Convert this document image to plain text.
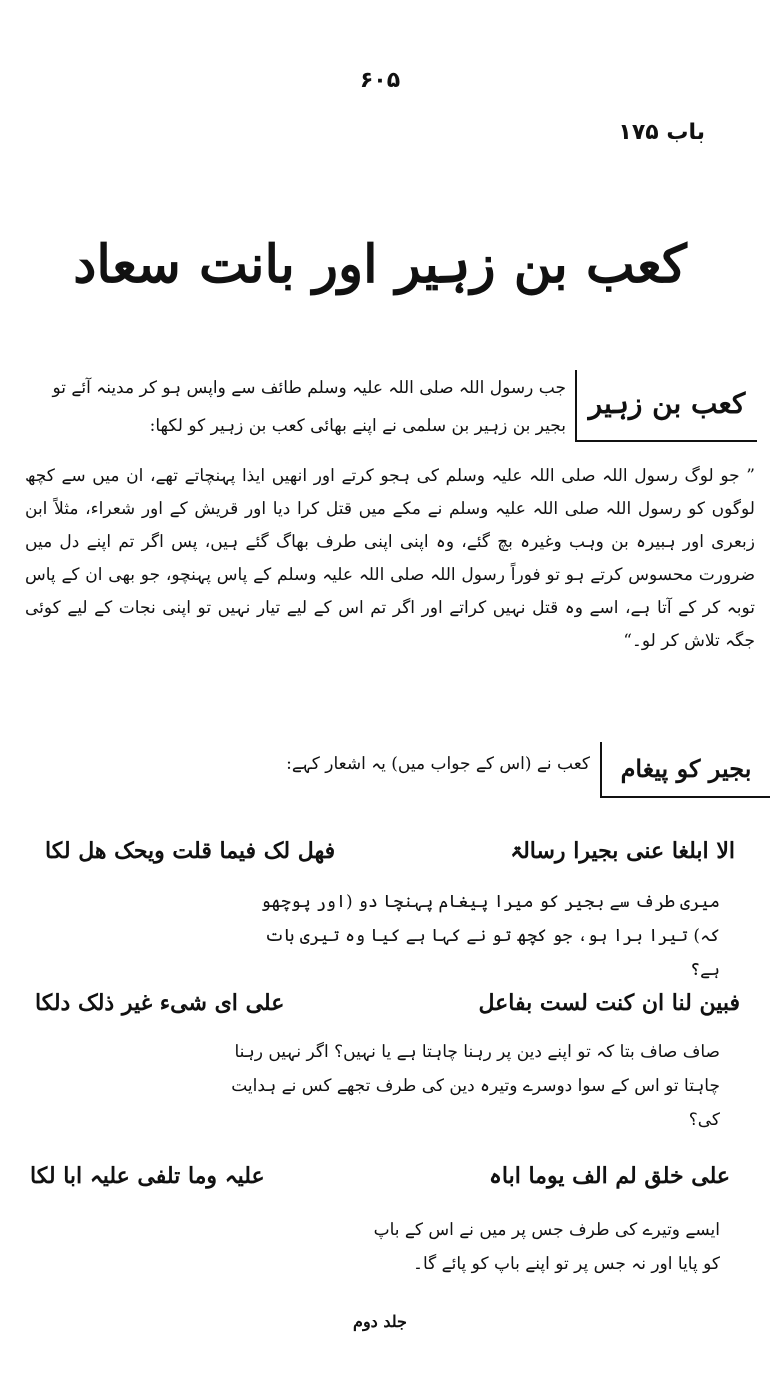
۶۰۵
باب ۱۷۵
کعب بن زہیر اور بانت سعاد
کعب بن زہیر
جب رسول اللہ صلی اللہ علیہ وسلم طائف سے واپس ہو کر مدینہ آئے تو
بجیر بن زہیر بن سلمی نے اپنے بھائی کعب بن زہیر کو لکھا:
” جو لوگ رسول اللہ صلی اللہ علیہ وسلم کی ہجو کرتے اور انھیں ایذا پہنچاتے تھے، ان میں سے کچھ لوگوں کو رسول اللہ صلی اللہ علیہ وسلم نے مکے میں قتل کرا دیا اور قریش کے اور شعراء، مثلاً ابن زبعری اور ہبیرہ بن وہب وغیرہ بچ گئے، وہ اپنی اپنی طرف بھاگ گئے ہیں، پس اگر تم اپنے دل میں ضرورت محسوس کرتے ہو تو فوراً رسول اللہ صلی اللہ علیہ وسلم کے پاس پہنچو، جو بھی ان کے پاس توبہ کر کے آتا ہے، اسے وہ قتل نہیں کراتے اور اگر تم اس کے لیے تیار نہیں تو اپنی نجات کے لیے کوئی جگہ تلاش کر لو۔“
بجیر کو پیغام
کعب نے (اس کے جواب میں) یہ اشعار کہے:
الا ابلغا عنی بجیرا رسالۃ
فھل لک فیما قلت ویحک ھل لکا
میری طرف سے بجیر کو میرا پیغام پہنچا دو (اور پوچھو کہ) تیرا برا ہو، جو کچھ تو نے کہا ہے کیا وہ تیری بات ہے؟
فبین لنا ان کنت لست بفاعل
علی ای شیء غیر ذلک دلکا
صاف صاف بتا کہ تو اپنے دین پر رہنا چاہتا ہے یا نہیں؟ اگر نہیں رہنا چاہتا تو اس کے سوا دوسرے وتیرہ دین کی طرف تجھے کس نے ہدایت کی؟
علی خلق لم الف یوما اباہ
علیہ وما تلفی علیہ ابا لکا
ایسے وتیرے کی طرف جس پر میں نے اس کے باپ کو پایا اور نہ جس پر تو اپنے باپ کو پائے گا۔
جلد دوم
